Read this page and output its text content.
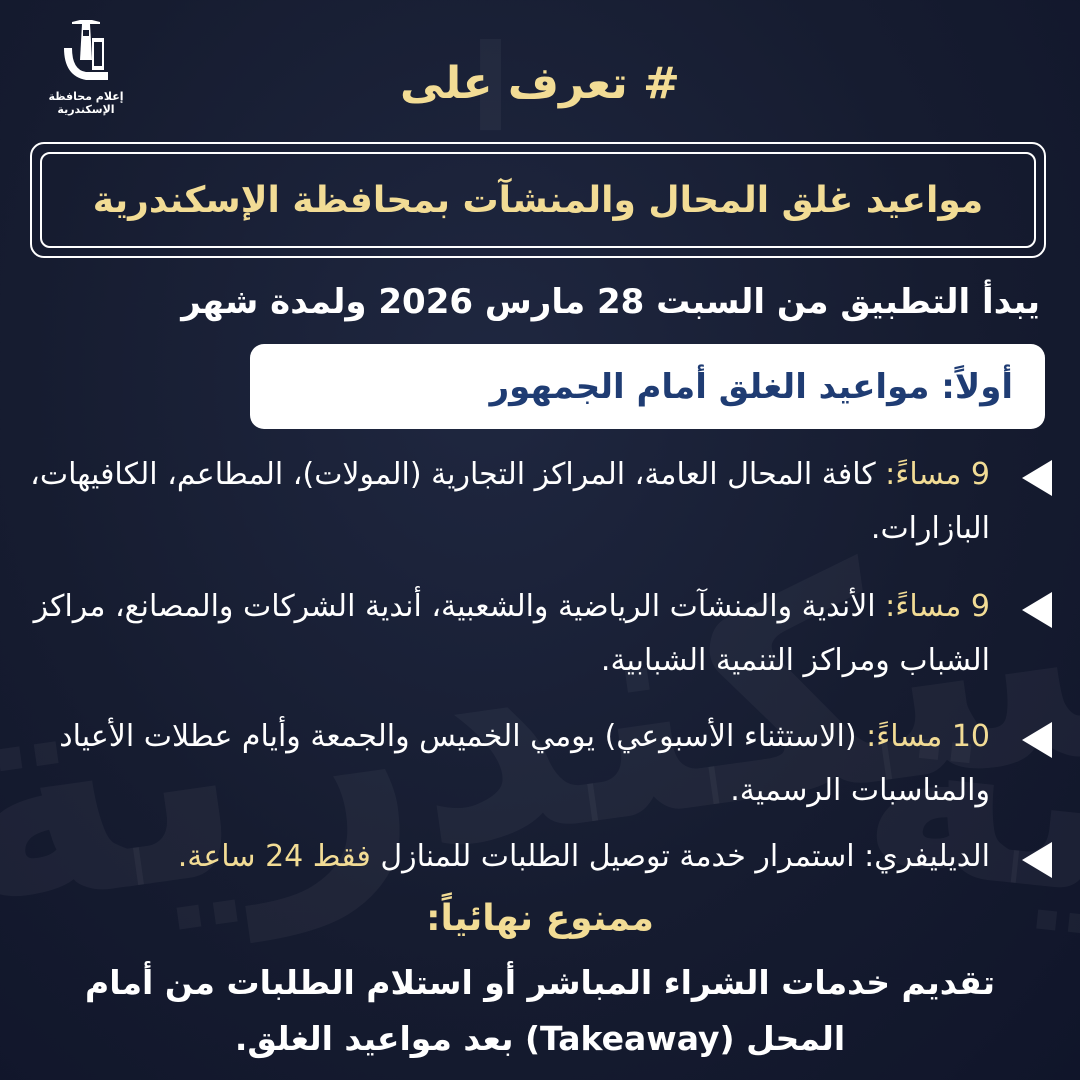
إعلام محافظة
الإسكندرية
# تعرف على
مواعيد غلق المحال والمنشآت بمحافظة الإسكندرية
يبدأ التطبيق من السبت 28 مارس 2026 ولمدة شهر
أولاً: مواعيد الغلق أمام الجمهور
9 مساءً: كافة المحال العامة، المراكز التجارية (المولات)، المطاعم، الكافيهات، البازارات.
9 مساءً: الأندية والمنشآت الرياضية والشعبية، أندية الشركات والمصانع، مراكز الشباب ومراكز التنمية الشبابية.
10 مساءً: (الاستثناء الأسبوعي) يومي الخميس والجمعة وأيام عطلات الأعياد والمناسبات الرسمية.
الديليفري: استمرار خدمة توصيل الطلبات للمنازل فقط 24 ساعة.
ممنوع نهائياً:
تقديم خدمات الشراء المباشر أو استلام الطلبات من أمام المحل (Takeaway) بعد مواعيد الغلق.
